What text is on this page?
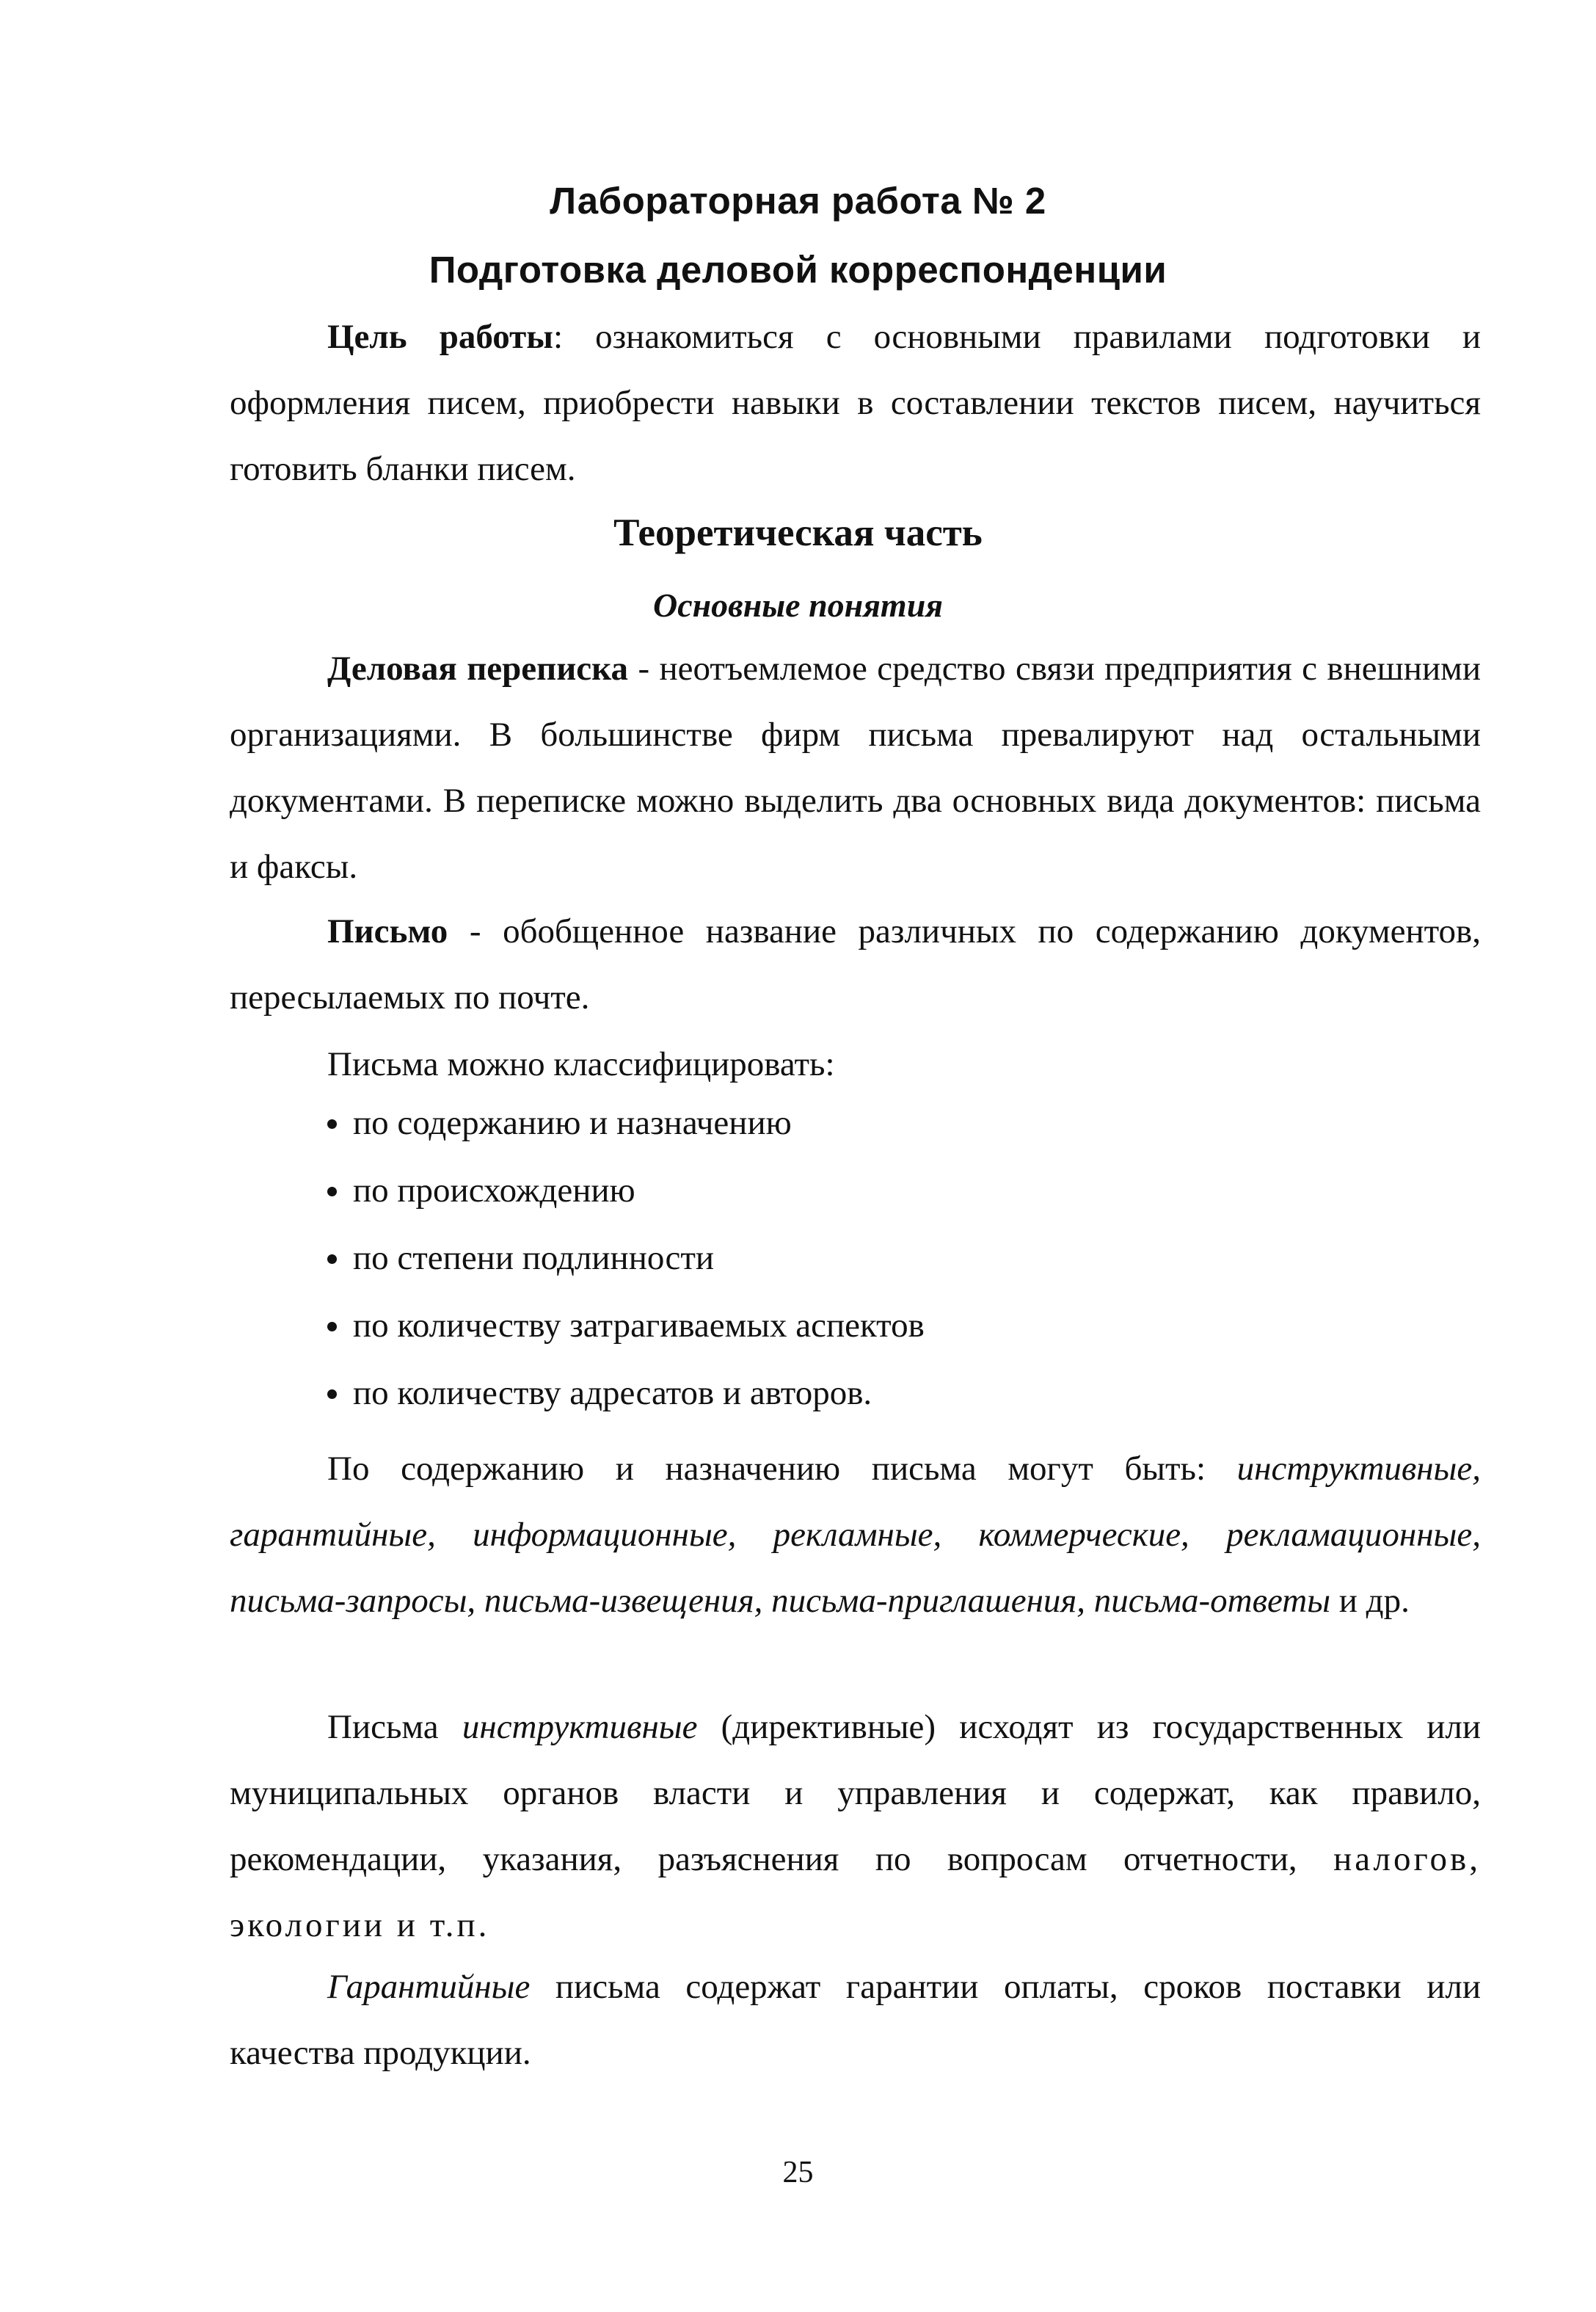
Лабораторная работа № 2
Подготовка деловой корреспонденции

Цель работы: ознакомиться с основными правилами подготовки и оформления писем, приобрести навыки в составлении текстов писем, научиться готовить бланки писем.

Теоретическая часть
Основные понятия

Деловая переписка - неотъемлемое средство связи предприятия с внешними организациями. В большинстве фирм письма превалируют над остальными документами. В переписке можно выделить два основных вида документов: письма и факсы.

Письмо - обобщенное название различных по содержанию документов, пересылаемых по почте.

Письма можно классифицировать:

по содержанию и назначению
по происхождению
по степени подлинности
по количеству затрагиваемых аспектов
по количеству адресатов и авторов.

По содержанию и назначению письма могут быть: инструктивные, гарантийные, информационные, рекламные, коммерческие, рекламационные, письма-запросы, письма-извещения, письма-приглашения, письма-ответы и др.

Письма инструктивные (директивные) исходят из государственных или муниципальных органов власти и управления и содержат, как правило, рекомендации, указания, разъяснения по вопросам отчетности, налогов, экологии и т.п.

Гарантийные письма содержат гарантии оплаты, сроков поставки или качества продукции.

25
